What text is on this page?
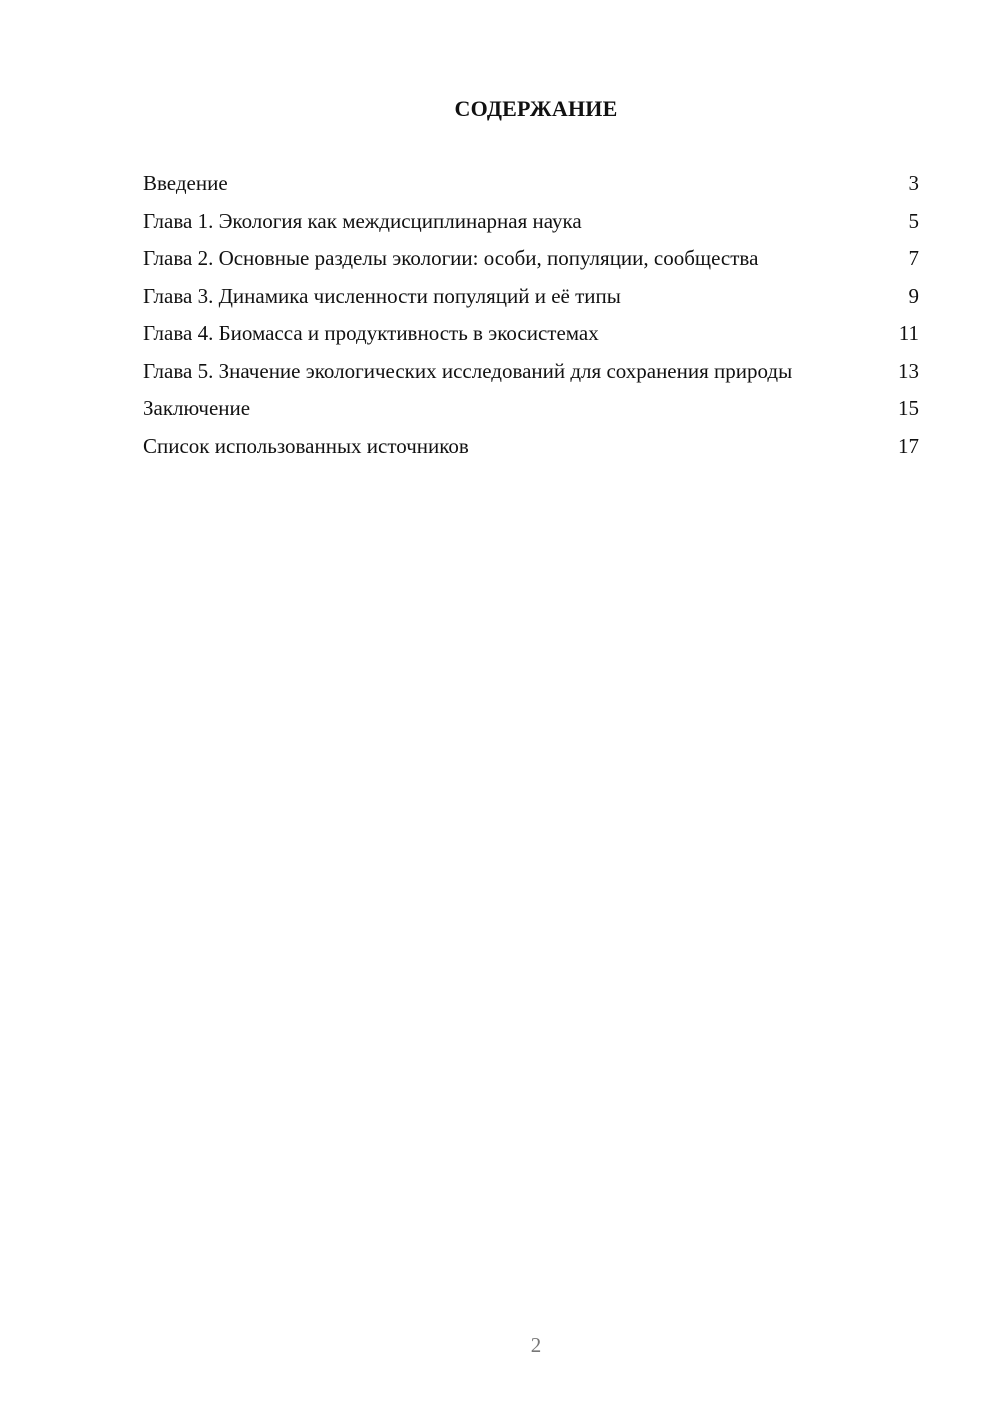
СОДЕРЖАНИЕ
Введение	3
Глава 1. Экология как междисциплинарная наука	5
Глава 2. Основные разделы экологии: особи, популяции, сообщества	7
Глава 3. Динамика численности популяций и её типы	9
Глава 4. Биомасса и продуктивность в экосистемах	11
Глава 5. Значение экологических исследований для сохранения природы	13
Заключение	15
Список использованных источников	17
2
